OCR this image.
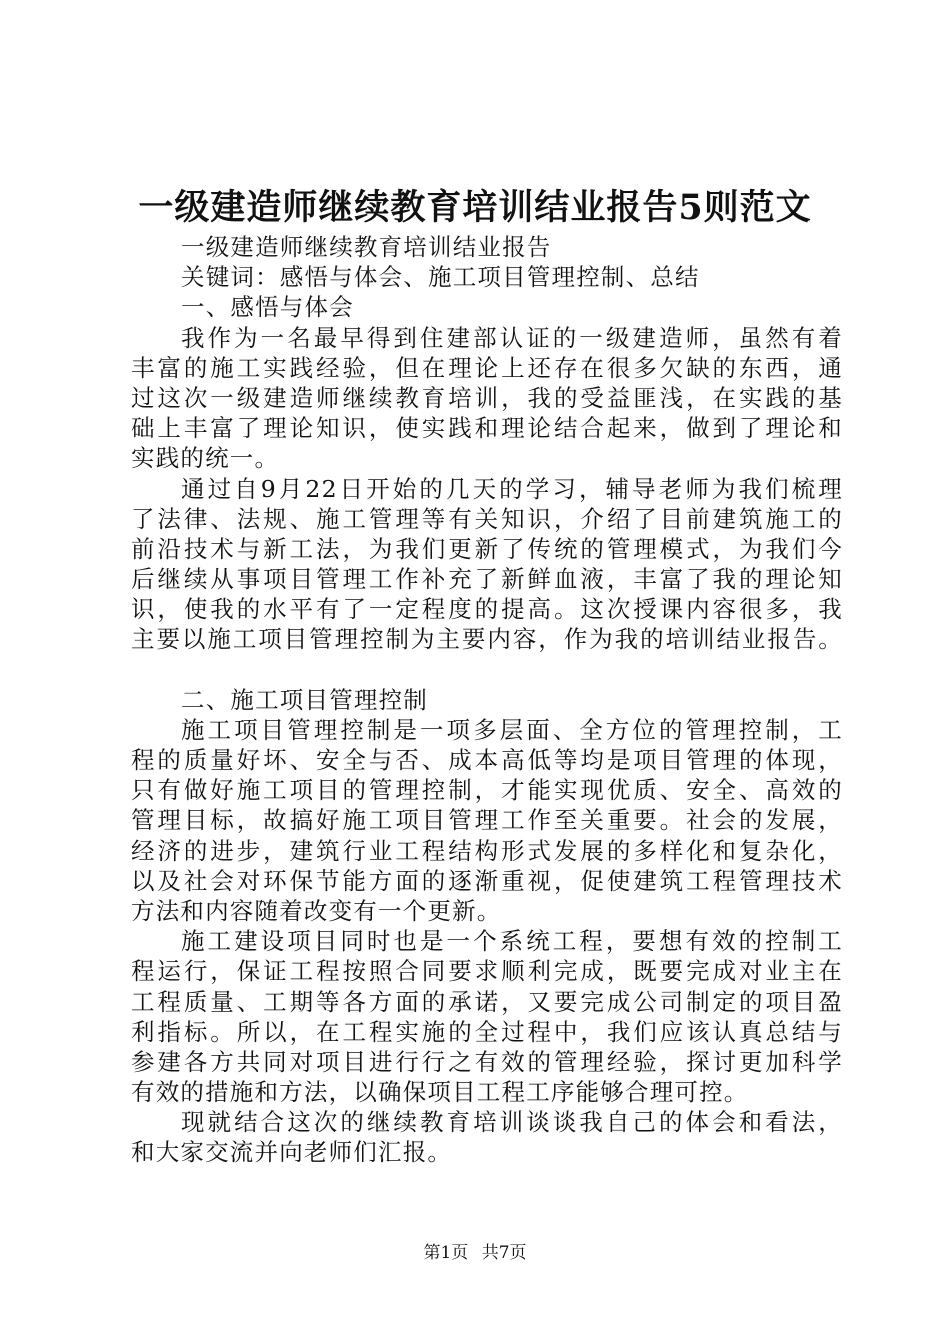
一级建造师继续教育培训结业报告5则范文
一级建造师继续教育培训结业报告
关键词：感悟与体会、施工项目管理控制、总结
一、感悟与体会
我作为一名最早得到住建部认证的一级建造师，虽然有着
丰富的施工实践经验，但在理论上还存在很多欠缺的东西，通
过这次一级建造师继续教育培训，我的受益匪浅，在实践的基
础上丰富了理论知识，使实践和理论结合起来，做到了理论和
实践的统一。
通过自9月22日开始的几天的学习，辅导老师为我们梳理
了法律、法规、施工管理等有关知识，介绍了目前建筑施工的
前沿技术与新工法，为我们更新了传统的管理模式，为我们今
后继续从事项目管理工作补充了新鲜血液，丰富了我的理论知
识，使我的水平有了一定程度的提高。这次授课内容很多，我
主要以施工项目管理控制为主要内容，作为我的培训结业报告。
二、施工项目管理控制
施工项目管理控制是一项多层面、全方位的管理控制，工
程的质量好坏、安全与否、成本高低等均是项目管理的体现，
只有做好施工项目的管理控制，才能实现优质、安全、高效的
管理目标，故搞好施工项目管理工作至关重要。社会的发展，
经济的进步，建筑行业工程结构形式发展的多样化和复杂化，
以及社会对环保节能方面的逐渐重视，促使建筑工程管理技术
方法和内容随着改变有一个更新。
施工建设项目同时也是一个系统工程，要想有效的控制工
程运行，保证工程按照合同要求顺利完成，既要完成对业主在
工程质量、工期等各方面的承诺，又要完成公司制定的项目盈
利指标。所以，在工程实施的全过程中，我们应该认真总结与
参建各方共同对项目进行行之有效的管理经验，探讨更加科学
有效的措施和方法，以确保项目工程工序能够合理可控。
现就结合这次的继续教育培训谈谈我自己的体会和看法，
和大家交流并向老师们汇报。
第1页 共7页
